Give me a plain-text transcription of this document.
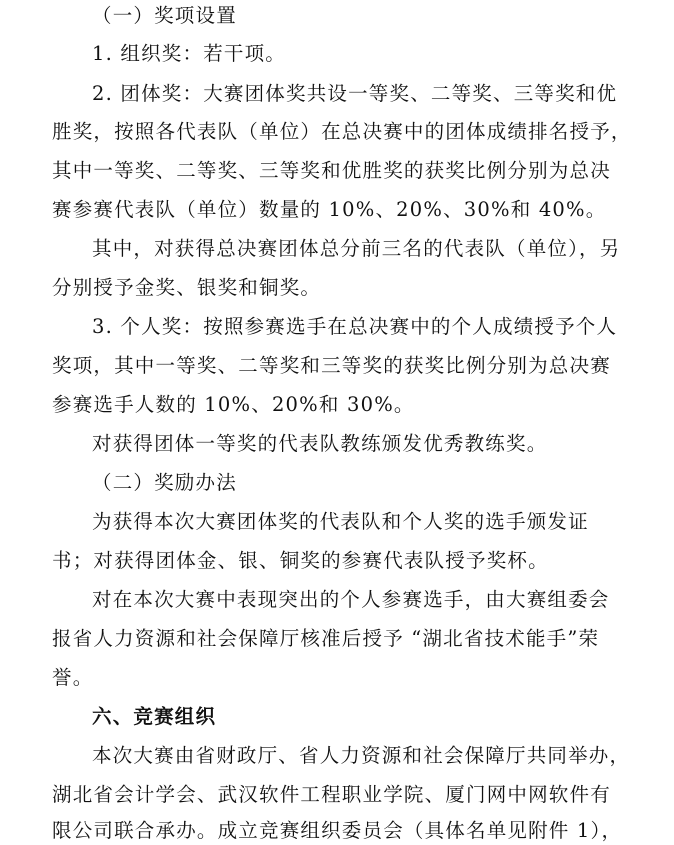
（一）奖项设置
1. 组织奖：若干项。
2. 团体奖：大赛团体奖共设一等奖、二等奖、三等奖和优
胜奖，按照各代表队（单位）在总决赛中的团体成绩排名授予，
其中一等奖、二等奖、三等奖和优胜奖的获奖比例分别为总决
赛参赛代表队（单位）数量的 10%、20%、30%和 40%。
其中，对获得总决赛团体总分前三名的代表队（单位），另
分别授予金奖、银奖和铜奖。
3. 个人奖：按照参赛选手在总决赛中的个人成绩授予个人
奖项，其中一等奖、二等奖和三等奖的获奖比例分别为总决赛
参赛选手人数的 10%、20%和 30%。
对获得团体一等奖的代表队教练颁发优秀教练奖。
（二）奖励办法
为获得本次大赛团体奖的代表队和个人奖的选手颁发证
书；对获得团体金、银、铜奖的参赛代表队授予奖杯。
对在本次大赛中表现突出的个人参赛选手，由大赛组委会
报省人力资源和社会保障厅核准后授予 “湖北省技术能手”荣
誉。
六、竞赛组织
本次大赛由省财政厅、省人力资源和社会保障厅共同举办，
湖北省会计学会、武汉软件工程职业学院、厦门网中网软件有
限公司联合承办。成立竞赛组织委员会（具体名单见附件 1），
